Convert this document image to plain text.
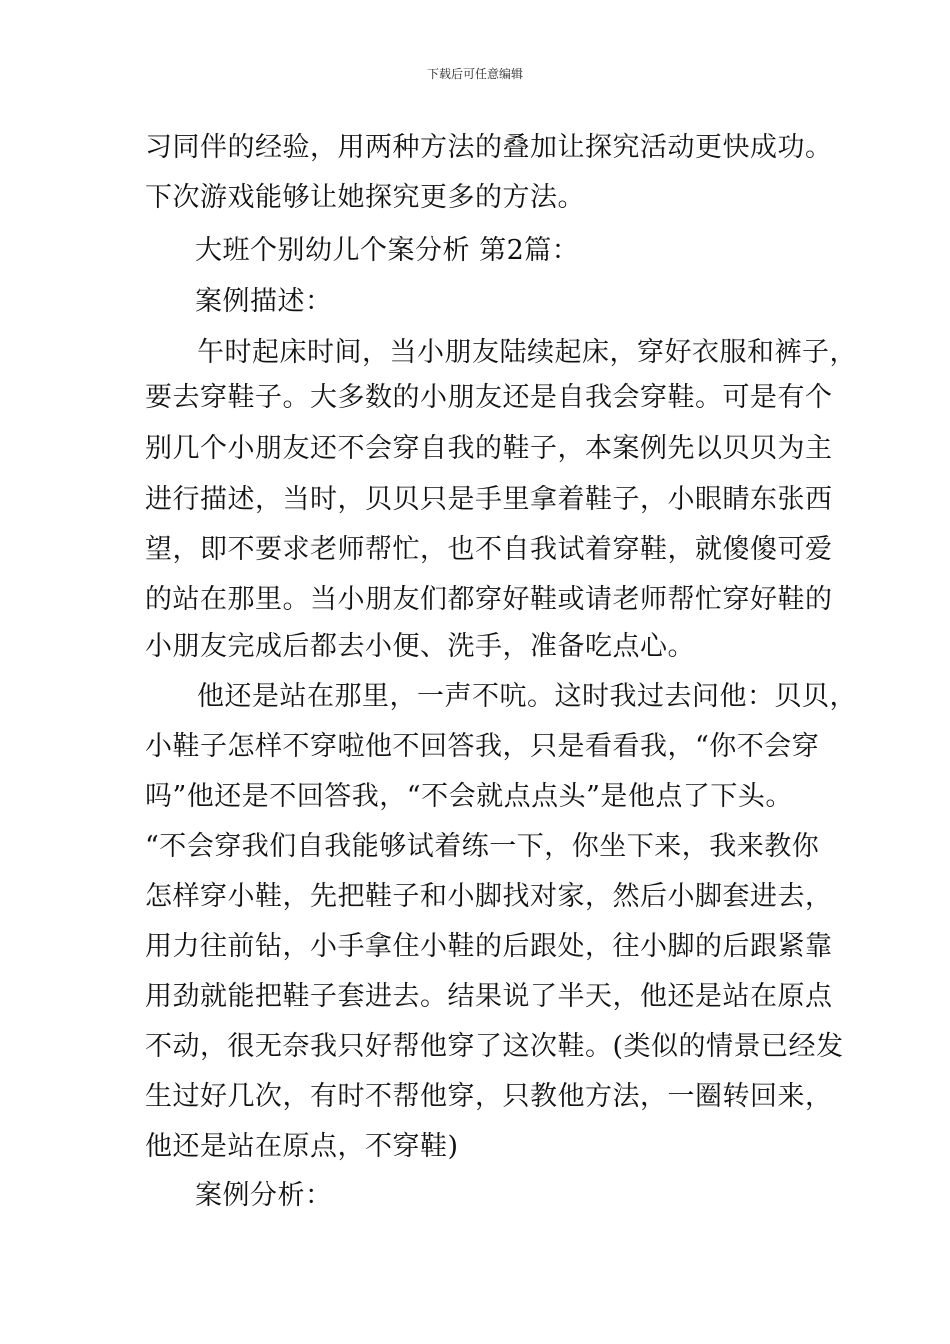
下载后可任意编辑
习同伴的经验，用两种方法的叠加让探究活动更快成功。
下次游戏能够让她探究更多的方法。
大班个别幼儿个案分析 第2篇：
案例描述：
午时起床时间，当小朋友陆续起床，穿好衣服和裤子，
要去穿鞋子。大多数的小朋友还是自我会穿鞋。可是有个
别几个小朋友还不会穿自我的鞋子，本案例先以贝贝为主
进行描述，当时，贝贝只是手里拿着鞋子，小眼睛东张西
望，即不要求老师帮忙，也不自我试着穿鞋，就傻傻可爱
的站在那里。当小朋友们都穿好鞋或请老师帮忙穿好鞋的
小朋友完成后都去小便、洗手，准备吃点心。
他还是站在那里，一声不吭。这时我过去问他：贝贝，
小鞋子怎样不穿啦他不回答我，只是看看我，“你不会穿
吗”他还是不回答我，“不会就点点头”是他点了下头。
“不会穿我们自我能够试着练一下，你坐下来，我来教你
怎样穿小鞋，先把鞋子和小脚找对家，然后小脚套进去，
用力往前钻，小手拿住小鞋的后跟处，往小脚的后跟紧靠
用劲就能把鞋子套进去。结果说了半天，他还是站在原点
不动，很无奈我只好帮他穿了这次鞋。(类似的情景已经发
生过好几次，有时不帮他穿，只教他方法，一圈转回来，
他还是站在原点，不穿鞋)
案例分析：
